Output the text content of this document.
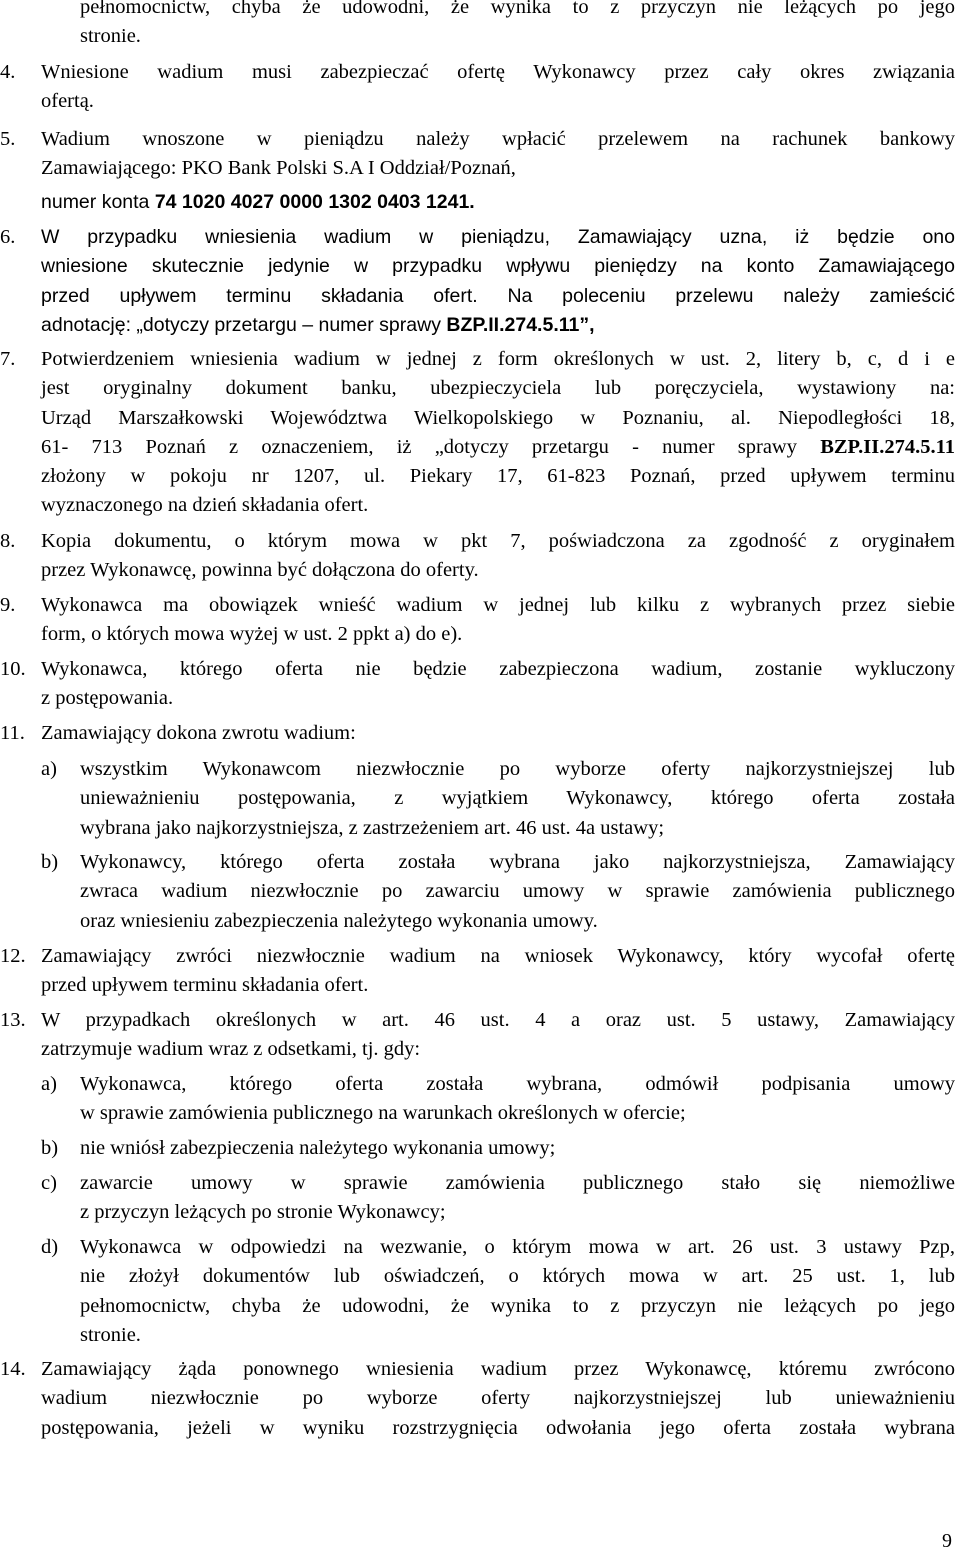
pełnomocnictw, chyba że udowodni, że wynika to z przyczyn nie leżących po jego
stronie.
4.	Wniesione wadium musi zabezpieczać ofertę Wykonawcy przez cały okres związania
ofertą.
5.	Wadium wnoszone w pieniądzu należy wpłacić przelewem na rachunek bankowy
Zamawiającego: PKO Bank Polski S.A I Oddział/Poznań,
numer konta 74 1020 4027 0000 1302 0403 1241.
6.	W przypadku wniesienia wadium w pieniądzu, Zamawiający uzna, iż będzie ono
wniesione skutecznie jedynie w przypadku wpływu pieniędzy na konto Zamawiającego
przed upływem terminu składania ofert. Na poleceniu przelewu należy zamieścić
adnotację: „dotyczy przetargu – numer sprawy BZP.II.274.5.11”,
7.	Potwierdzeniem wniesienia wadium w jednej z form określonych w ust. 2, litery b, c, d i e
jest oryginalny dokument banku, ubezpieczyciela lub poręczyciela, wystawiony na:
Urząd Marszałkowski Województwa Wielkopolskiego w Poznaniu, al. Niepodległości 18,
61- 713 Poznań z oznaczeniem, iż „dotyczy przetargu - numer sprawy BZP.II.274.5.11
złożony w pokoju nr 1207, ul. Piekary 17, 61-823 Poznań, przed upływem terminu
wyznaczonego na dzień składania ofert.
8.	Kopia dokumentu, o którym mowa w pkt 7, poświadczona za zgodność z oryginałem
przez Wykonawcę, powinna być dołączona do oferty.
9.	Wykonawca ma obowiązek wnieść wadium w jednej lub kilku z wybranych przez siebie
form, o których mowa wyżej w ust. 2 ppkt a) do e).
10. Wykonawca, którego oferta nie będzie zabezpieczona wadium, zostanie wykluczony
z postępowania.
11. Zamawiający dokona zwrotu wadium:
a)	wszystkim Wykonawcom niezwłocznie po wyborze oferty najkorzystniejszej lub
unieważnieniu postępowania, z wyjątkiem Wykonawcy, którego oferta została
wybrana jako najkorzystniejsza, z zastrzeżeniem art. 46 ust. 4a ustawy;
b)	Wykonawcy, którego oferta została wybrana jako najkorzystniejsza, Zamawiający
zwraca wadium niezwłocznie po zawarciu umowy w sprawie zamówienia publicznego
oraz wniesieniu zabezpieczenia należytego wykonania umowy.
12. Zamawiający zwróci niezwłocznie wadium na wniosek Wykonawcy, który wycofał ofertę
przed upływem terminu składania ofert.
13. W przypadkach określonych w art. 46 ust. 4 a oraz ust. 5 ustawy, Zamawiający
zatrzymuje wadium wraz z odsetkami, tj. gdy:
a)	Wykonawca, którego oferta została wybrana, odmówił podpisania umowy
w sprawie zamówienia publicznego na warunkach określonych w ofercie;
b)	nie wniósł zabezpieczenia należytego wykonania umowy;
c)	zawarcie umowy w sprawie zamówienia publicznego stało się niemożliwe
z przyczyn leżących po stronie Wykonawcy;
d)	Wykonawca w odpowiedzi na wezwanie, o którym mowa w art. 26 ust. 3 ustawy Pzp,
nie złożył dokumentów lub oświadczeń, o których mowa w art. 25 ust. 1, lub
pełnomocnictw, chyba że udowodni, że wynika to z przyczyn nie leżących po jego
stronie.
14. Zamawiający żąda ponownego wniesienia wadium przez Wykonawcę, któremu zwrócono
wadium niezwłocznie po wyborze oferty najkorzystniejszej lub unieważnieniu
postępowania, jeżeli w wyniku rozstrzygnięcia odwołania jego oferta została wybrana
9
